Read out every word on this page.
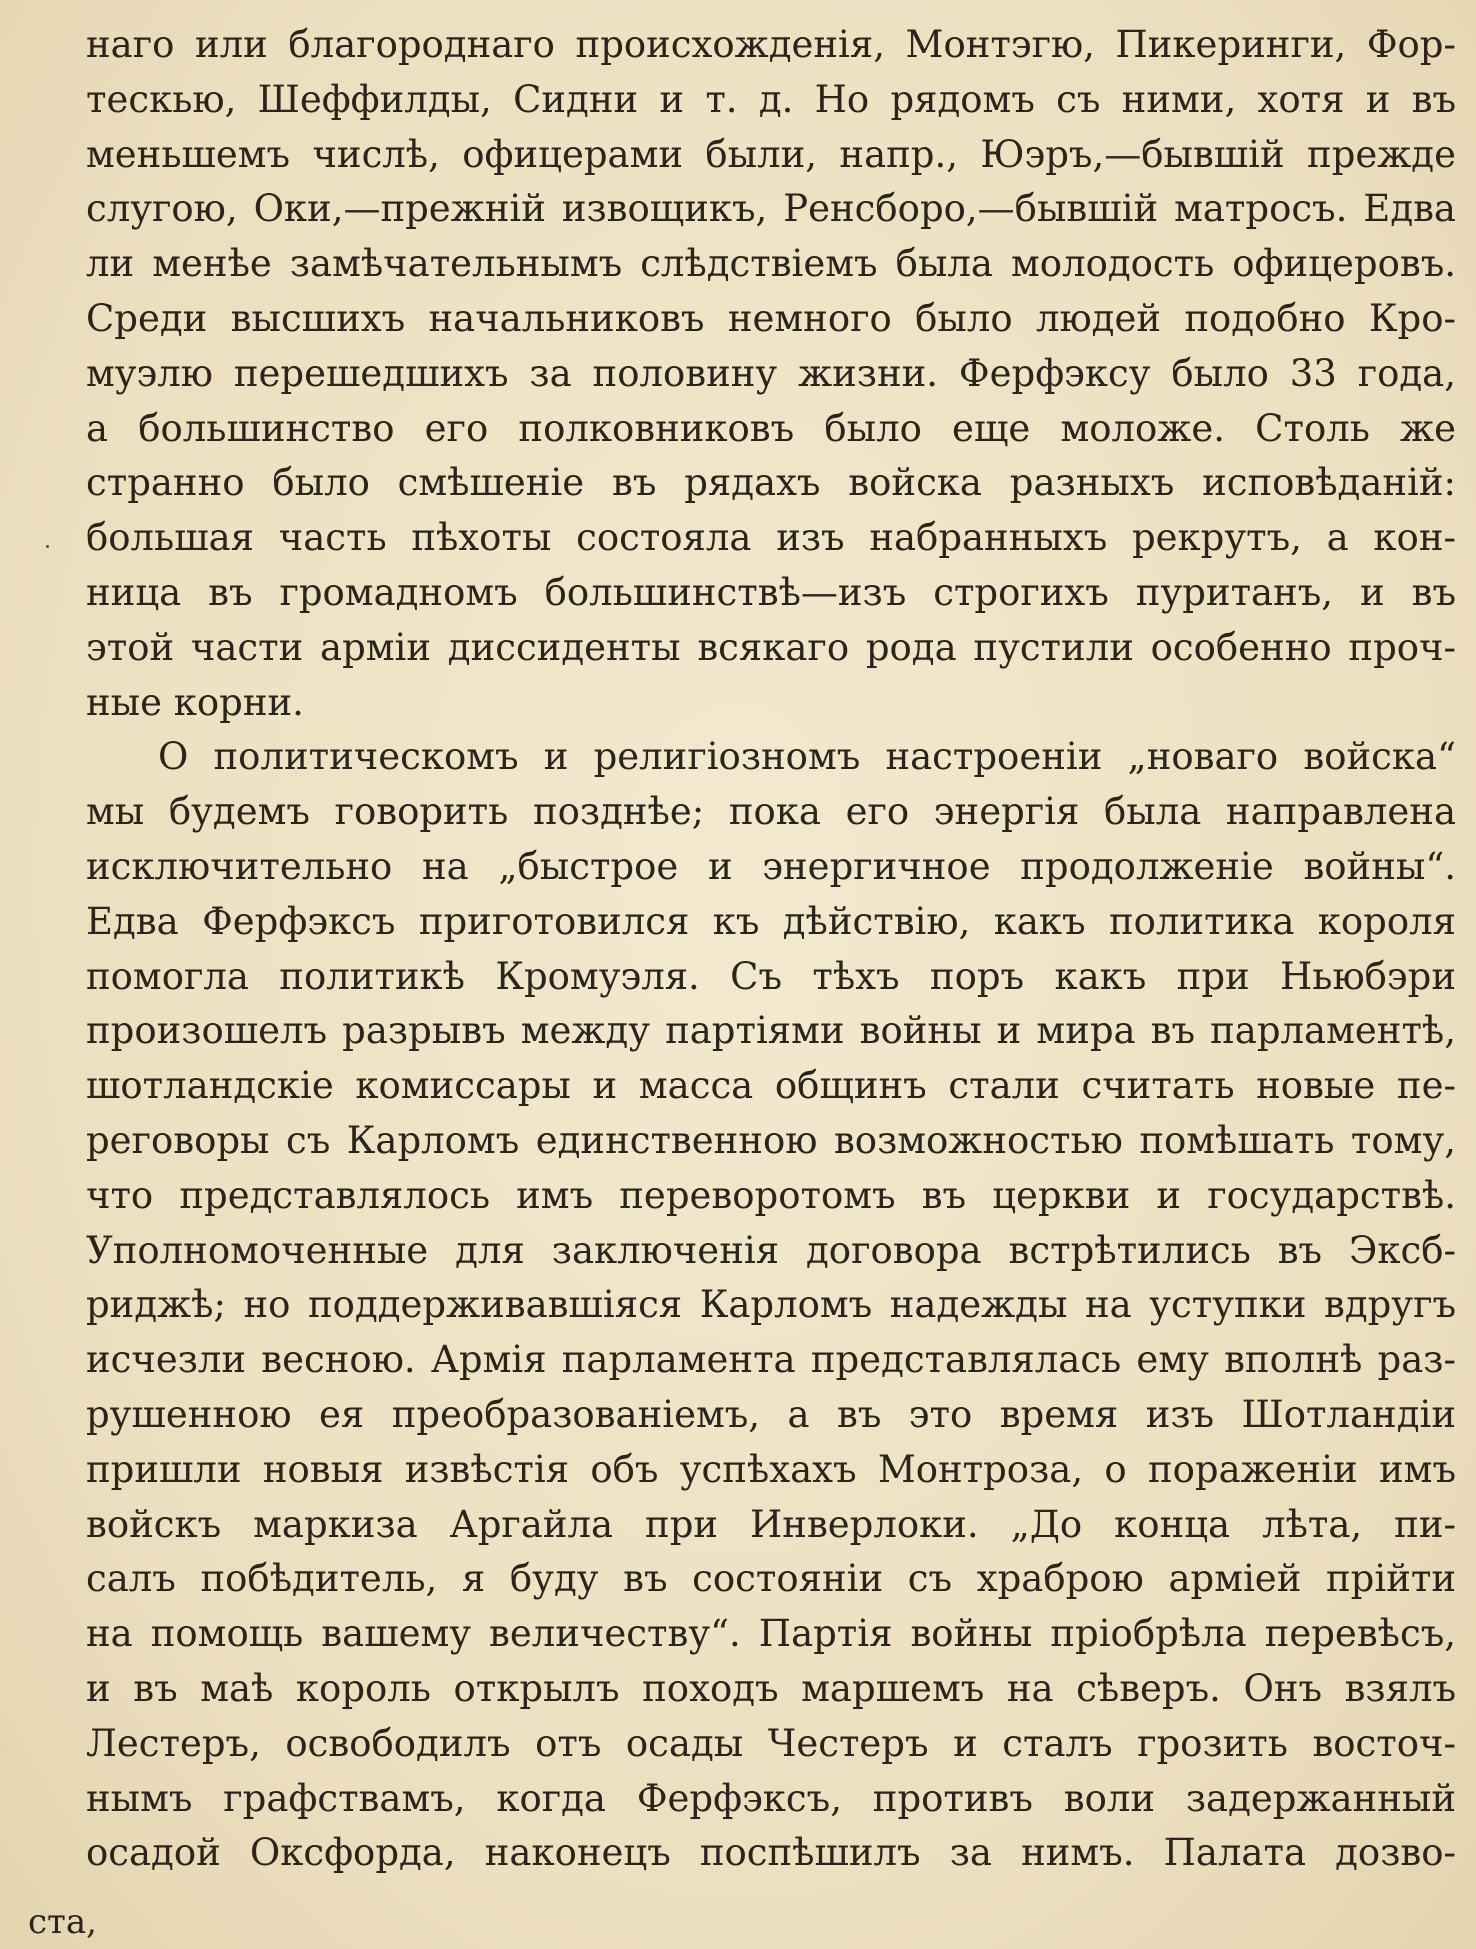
наго или благороднаго происхожденія, Монтэгю, Пикеринги, Фор-
тескью, Шеффилды, Сидни и т. д. Но рядомъ съ ними, хотя и въ
меньшемъ числѣ, офицерами были, напр., Юэръ,—бывшій прежде
слугою, Оки,—прежній извощикъ, Ренсборо,—бывшій матросъ. Едва
ли менѣе замѣчательнымъ слѣдствіемъ была молодость офицеровъ.
Среди высшихъ начальниковъ немного было людей подобно Кро-
муэлю перешедшихъ за половину жизни. Ферфэксу было 33 года,
а большинство его полковниковъ было еще моложе. Столь же
странно было смѣшеніе въ рядахъ войска разныхъ исповѣданій:
большая часть пѣхоты состояла изъ набранныхъ рекрутъ, а кон-
ница въ громадномъ большинствѣ—изъ строгихъ пуританъ, и въ
этой части арміи диссиденты всякаго рода пустили особенно проч-
ные корни.
О политическомъ и религіозномъ настроеніи „новаго войска“
мы будемъ говорить позднѣе; пока его энергія была направлена
исключительно на „быстрое и энергичное продолженіе войны“.
Едва Ферфэксъ приготовился къ дѣйствію, какъ политика короля
помогла политикѣ Кромуэля. Съ тѣхъ поръ какъ при Ньюбэри
произошелъ разрывъ между партіями войны и мира въ парламентѣ,
шотландскіе комиссары и масса общинъ стали считать новые пе-
реговоры съ Карломъ единственною возможностью помѣшать тому,
что представлялось имъ переворотомъ въ церкви и государствѣ.
Уполномоченные для заключенія договора встрѣтились въ Эксб-
риджѣ; но поддерживавшіяся Карломъ надежды на уступки вдругъ
исчезли весною. Армія парламента представлялась ему вполнѣ раз-
рушенною ея преобразованіемъ, а въ это время изъ Шотландіи
пришли новыя извѣстія объ успѣхахъ Монтроза, о пораженіи имъ
войскъ маркиза Аргайла при Инверлоки. „До конца лѣта, пи-
салъ побѣдитель, я буду въ состояніи съ храброю арміей прійти
на помощь вашему величеству“. Партія войны пріобрѣла перевѣсъ,
и въ маѣ король открылъ походъ маршемъ на сѣверъ. Онъ взялъ
Лестеръ, освободилъ отъ осады Честеръ и сталъ грозить восточ-
нымъ графствамъ, когда Ферфэксъ, противъ воли задержанный
осадой Оксфорда, наконецъ поспѣшилъ за нимъ. Палата дозво-
ста,
